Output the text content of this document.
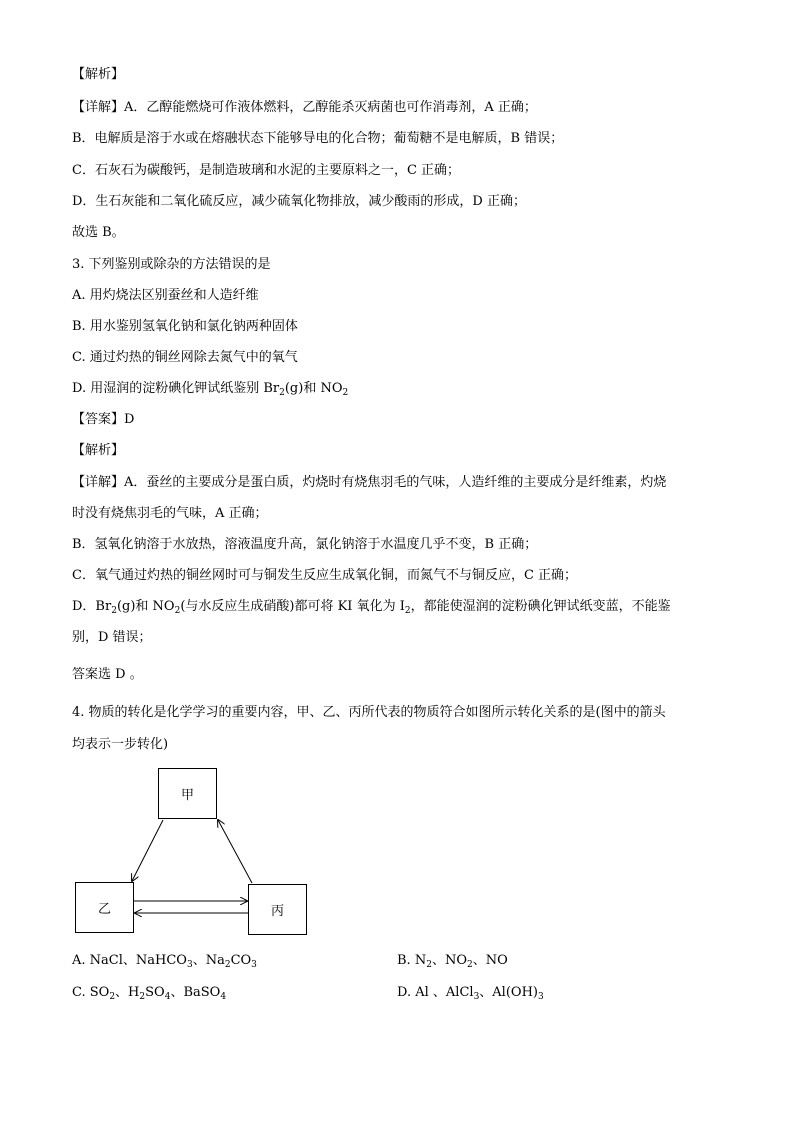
【解析】
【详解】A．乙醇能燃烧可作液体燃料，乙醇能杀灭病菌也可作消毒剂，A 正确；
B．电解质是溶于水或在熔融状态下能够导电的化合物；葡萄糖不是电解质，B 错误；
C．石灰石为碳酸钙，是制造玻璃和水泥的主要原料之一，C 正确；
D．生石灰能和二氧化硫反应，减少硫氧化物排放，减少酸雨的形成，D 正确；
故选 B。
3. 下列鉴别或除杂的方法错误的是
A. 用灼烧法区别蚕丝和人造纤维
B. 用水鉴别氢氧化钠和氯化钠两种固体
C. 通过灼热的铜丝网除去氮气中的氧气
D. 用湿润的淀粉碘化钾试纸鉴别 $Br_2(g)$和 $NO_2$
【答案】D
【解析】
【详解】A．蚕丝的主要成分是蛋白质，灼烧时有烧焦羽毛的气味，人造纤维的主要成分是纤维素，灼烧
时没有烧焦羽毛的气味，A 正确；
B．氢氧化钠溶于水放热，溶液温度升高，氯化钠溶于水温度几乎不变，B 正确；
C．氧气通过灼热的铜丝网时可与铜发生反应生成氧化铜，而氮气不与铜反应，C 正确；
D．$Br_2(g)$和 $NO_2$(与水反应生成硝酸)都可将 KI 氧化为 $I_2$，都能使湿润的淀粉碘化钾试纸变蓝，不能鉴
别，D 错误；
答案选 D 。
4. 物质的转化是化学学习的重要内容，甲、乙、丙所代表的物质符合如图所示转化关系的是(图中的箭头
均表示一步转化)
甲
乙	丙
A. NaCl、NaHCO$_3$、$Na_2CO_3$	B. $N_2$、$NO_2$、NO
C. $SO_2$、$H_2SO_4$、BaSO$_4$	D. Al 、AlCl$_3$、$Al(OH)_3$
